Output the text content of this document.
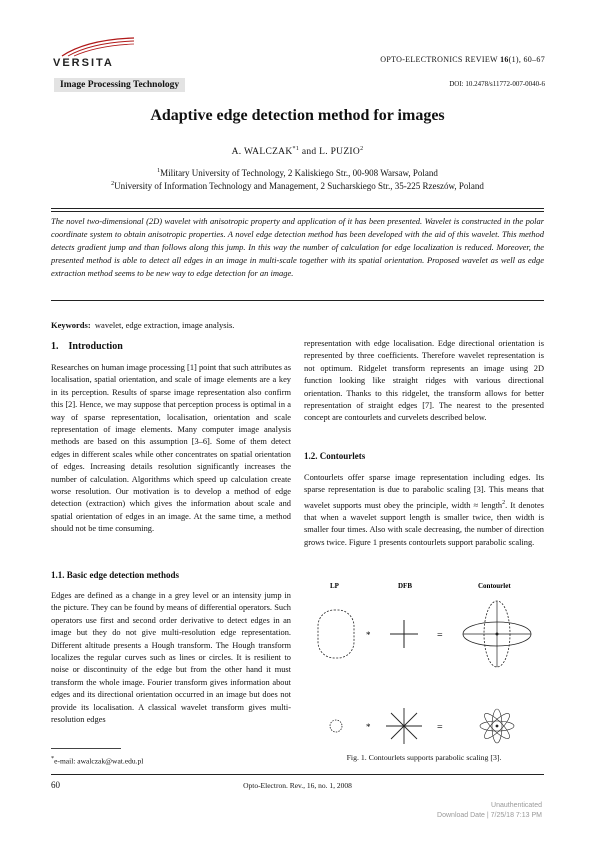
VERSITA	OPTO-ELECTRONICS REVIEW 16(1), 60–67
Image Processing Technology	DOI: 10.2478/s11772-007-0040-6
Adaptive edge detection method for images
A. WALCZAK$^{*1}$ and L. PUZIO$^2$
$^1$Military University of Technology, 2 Kaliskiego Str., 00-908 Warsaw, Poland
$^2$University of Information Technology and Management, 2 Sucharskiego Str., 35-225 Rzeszów, Poland
The novel two-dimensional (2D) wavelet with anisotropic property and application of it has been presented. Wavelet is constructed in the polar coordinate system to obtain anisotropic properties. A novel edge detection method has been developed with the aid of this wavelet. This method detects gradient jump and than follows along this jump. In this way the number of calculation for edge localization is reduced. Moreover, the presented method is able to detect all edges in an image in multi-scale together with its spatial orientation. Proposed wavelet as well as edge extraction method seems to be new way to edge detection for an image.
Keywords: wavelet, edge extraction, image analysis.
1. Introduction
Researches on human image processing [1] point that such attributes as localisation, spatial orientation, and scale of image elements are a key in its perception. Results of sparse image representation also confirm this [2]. Hence, we may suppose that perception process is optimal in a way of sparse representation, localisation, orientation and scale representation of image elements. Many computer image analysis methods are based on this assumption [3–6]. Some of them detect edges in different scales while other concentrates on spatial orientation of edges. Increasing details resolution significantly increases the number of calculation. Algorithms which speed up calculation create worse resolution. Our motivation is to develop a method of edge detection (extraction) which gives the information about scale and spatial orientation of edges in an image. At the same time, a method should not be time consuming.
1.1. Basic edge detection methods
Edges are defined as a change in a grey level or an intensity jump in the picture. They can be found by means of differential operators. Such operators use first and second order derivative to detect edges in an image but they do not give multi-resolution edge representation. Different altitude presents a Hough transform. The Hough transform localizes the regular curves such as lines or circles. It is resilient to noise or discontinuity of the edge but from the other hand it must transform the whole image. Fourier transform gives information about edges and its directional orientation occurred in an image but does not provide its localisation. A classical wavelet transform gives multi-resolution edges
representation with edge localisation. Edge directional orientation is represented by three coefficients. Therefore wavelet representation is not optimum. Ridgelet transform represents an image using 2D function looking like straight ridges with various directional orientation. Thanks to this ridgelet, the transform allows for better representation of straight edges [7]. The nearest to the presented concept are contourlets and curvelets described below.
1.2. Contourlets
Contourlets offer sparse image representation including edges. Its sparse representation is due to parabolic scaling [3]. This means that wavelet supports must obey the principle, width ≈ length$^2$. It denotes that when a wavelet support length is smaller twice, then width is smaller four times. Also with scale decreasing, the number of direction grows twice. Figure 1 presents contourlets support parabolic scaling.
LP	DFB	Contourlet
*	=
*	=
Fig. 1. Contourlets supports parabolic scaling [3].
*e-mail: awalczak@wat.edu.pl
60	Opto-Electron. Rev., 16, no. 1, 2008
Unauthenticated
Download Date | 7/25/18 7:13 PM
